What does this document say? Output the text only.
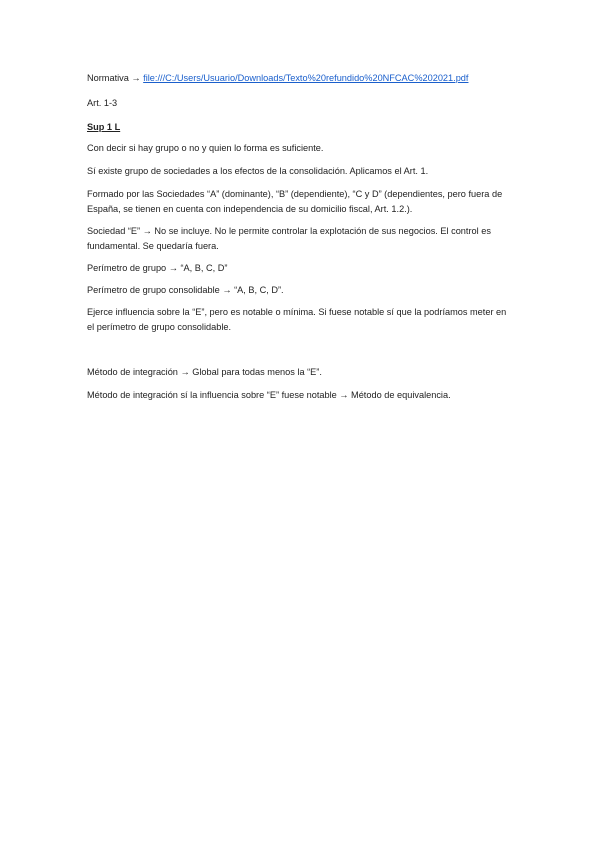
Normativa → file:///C:/Users/Usuario/Downloads/Texto%20refundido%20NFCAC%202021.pdf

Art. 1-3

Sup 1 L

Con decir si hay grupo o no y quien lo forma es suficiente.

Sí existe grupo de sociedades a los efectos de la consolidación. Aplicamos el Art. 1.

Formado por las Sociedades “A” (dominante), “B” (dependiente), “C y D” (dependientes, pero fuera de España, se tienen en cuenta con independencia de su domicilio fiscal, Art. 1.2.).

Sociedad “E” → No se incluye. No le permite controlar la explotación de sus negocios. El control es fundamental. Se quedaría fuera.

Perímetro de grupo → “A, B, C, D”

Perímetro de grupo consolidable → “A, B, C, D”.

Ejerce influencia sobre la “E”, pero es notable o mínima. Si fuese notable sí que la podríamos meter en el perímetro de grupo consolidable.

Método de integración → Global para todas menos la “E”.

Método de integración sí la influencia sobre “E” fuese notable → Método de equivalencia.
